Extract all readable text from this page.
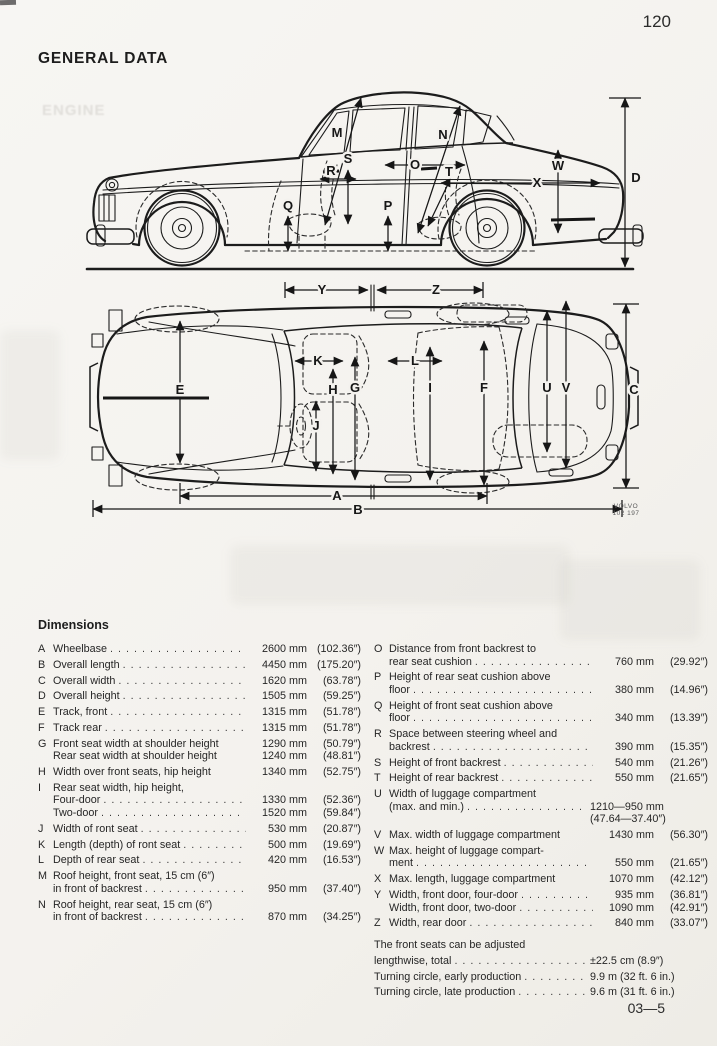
120
GENERAL DATA
ENGINE
M	N
S
R	O T
Q	P
W
X	D
Y	Z
E
K	L
H G
J
I	F	U V	C
A
B	VOLVO
102 197
Dimensions
A Wheelbase . . .	2600 mm (102.36″)
B Overall length . . .	4450 mm (175.20″)
C Overall width . . .	1620 mm	(63.78″)
D Overall height . . .	1505 mm	(59.25″)
E Track, front . . .	1315 mm	(51.78″)
F Track rear . . .	1315 mm	(51.78″)
G Front seat width at shoulder height	1290 mm	(50.79″)
Rear seat width at shoulder height	1240 mm	(48.81″)
H Width over front seats, hip height	1340 mm	(52.75″)
I	Rear seat width, hip height,
Four-door . . .	1330 mm	(52.36″)
Two-door . . .	1520 mm	(59.84″)
J Width of ront seat . . .	530 mm	(20.87″)
K Length (depth) of ront seat . . .	500 mm	(19.69″)
L Depth of rear seat . . .	420 mm	(16.53″)
M Roof height, front seat, 15 cm (6″)
in front of backrest . . .	950 mm	(37.40″)
N Roof height, rear seat, 15 cm (6″)
in front of backrest . . .	870 mm	(34.25″)
O Distance from front backrest to
rear seat cushion . . .	760 mm	(29.92″)
P Height of rear seat cushion above
floor . . .	380 mm	(14.96″)
Q Height of front seat cushion above
floor . . .	340 mm	(13.39″)
R Space between steering wheel and
backrest . . .	390 mm	(15.35″)
S Height of front backrest . . .	540 mm	(21.26″)
T Height of rear backrest . . .	550 mm	(21.65″)
U Width of luggage compartment
(max. and min.) . . .	1210—950 mm
(47.64—37.40″)
V Max. width of luggage compartment	1430 mm	(56.30″)
W Max. height of luggage compart-
ment . . .	550 mm	(21.65″)
X Max. length, luggage compartment	1070 mm	(42.12″)
Y Width, front door, four-door . . .	935 mm	(36.81″)
Width, front door, two-door . . .	1090 mm	(42.91″)
Z Width, rear door . . .	840 mm	(33.07″)
The front seats can be adjusted
lengthwise, total . . .	±22.5 cm (8.9″)
Turning circle, early production . . .	9.9 m (32 ft. 6 in.)
Turning circle, late production . . .	9.6 m (31 ft. 6 in.)
03—5
